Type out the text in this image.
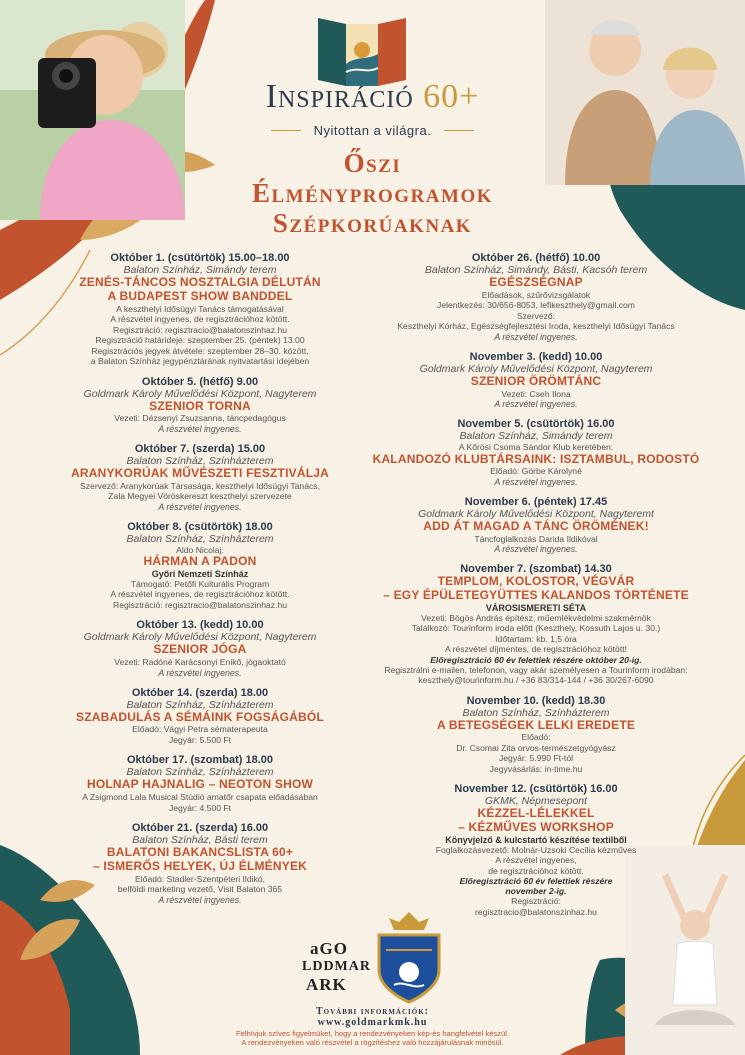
Inspiráció 60+
Nyitottan a világra.
Őszi
Élményprogramok
Szépkorúaknak
Október 1. (csütörtök) 15.00–18.00
Balaton Színház, Simándy terem
ZENÉS-TÁNCOS NOSZTALGIA DÉLUTÁN
A BUDAPEST SHOW BANDDEL
A keszthelyi Idősügyi Tanács támogatásával
A részvétel ingyenes, de regisztrációhoz kötött.
Regisztráció: regisztracio@balatonszinhaz.hu
Regisztráció határideje: szeptember 25. (péntek) 13.00
Regisztrációs jegyek átvétele: szeptember 28–30. között,
a Balaton Színház jegypénztárának nyitvatartási idejében
Október 5. (hétfő) 9.00
Goldmark Károly Művelődési Központ, Nagyterem
SZENIOR TORNA
Vezeti: Dézsenyi Zsuzsanna, táncpedagógus
A részvétel ingyenes.
Október 7. (szerda) 15.00
Balaton Színház, Színházterem
ARANYKORÚAK MŰVÉSZETI FESZTIVÁLJA
Szervező: Aranykorúak Társasága, keszthelyi Idősügyi Tanács,
Zala Megyei Vöröskereszt keszthelyi szervezete
A részvétel ingyenes.
Október 8. (csütörtök) 18.00
Balaton Színház, Színházterem
Aldo Nicolaj:
HÁRMAN A PADON
Győri Nemzeti Színház
Támogató: Petőfi Kulturális Program
A részvétel ingyenes, de regisztrációhoz kötött.
Regisztráció: regisztracio@balatonszinhaz.hu
Október 13. (kedd) 10.00
Goldmark Károly Művelődési Központ, Nagyterem
SZENIOR JÓGA
Vezeti: Radóné Karácsonyi Enikő, jógaoktató
A részvétel ingyenes.
Október 14. (szerda) 18.00
Balaton Színház, Színházterem
SZABADULÁS A SÉMÁINK FOGSÁGÁBÓL
Előadó: Vágyi Petra sématerapeuta
Jegyár: 5.500 Ft
Október 17. (szombat) 18.00
Balaton Színház, Színházterem
HOLNAP HAJNALIG – NEOTON SHOW
A Zsigmond Lala Musical Stúdió amatőr csapata előadásában
Jegyár: 4.500 Ft
Október 21. (szerda) 16.00
Balaton Színház, Básti terem
BALATONI BAKANCSLISTA 60+
– ISMERŐS HELYEK, ÚJ ÉLMÉNYEK
Előadó: Stadler-Szentpéteri Ildikó,
belföldi marketing vezető, Visit Balaton 365
A részvétel ingyenes.
Október 26. (hétfő) 10.00
Balaton Színház, Simándy, Básti, Kacsóh terem
EGÉSZSÉGNAP
Előadások, szűrővizsgálatok
Jelentkezés: 30/656-8053, lefikeszthely@gmail.com
Szervező:
Keszthelyi Kórház, Egészségfejlesztési Iroda, keszthelyi Idősügyi Tanács
A részvétel ingyenes.
November 3. (kedd) 10.00
Goldmark Károly Művelődési Központ, Nagyterem
SZENIOR ÖRÖMTÁNC
Vezeti: Cseh Ilona
A részvétel ingyenes.
November 5. (csütörtök) 16.00
Balaton Színház, Simándy terem
A Kőrösi Csoma Sándor Klub keretében:
KALANDOZÓ KLUBTÁRSAINK: ISZTAMBUL, RODOSTÓ
Előadó: Görbe Károlyné
A részvétel ingyenes.
November 6. (péntek) 17.45
Goldmark Károly Művelődési Központ, Nagyteremt
ADD ÁT MAGAD A TÁNC ÖRÖMÉNEK!
Táncfoglalkozás Darida Ildikóval
A részvétel ingyenes.
November 7. (szombat) 14.30
TEMPLOM, KOLOSTOR, VÉGVÁR
– EGY ÉPÜLETEGYÜTTES KALANDOS TÖRTÉNETE
VÁROSISMERETI SÉTA
Vezeti: Bögös András építész, műemlékvédelmi szakmérnök
Találkozó: Tourinform iroda előtt (Keszthely, Kossuth Lajos u. 30.)
Időtartam: kb. 1,5 óra
A részvétel díjmentes, de regisztrációhoz kötött!
Előregisztráció 60 év felettiek részére október 20-ig.
Regisztrálni e-mailen, telefonon, vagy akár személyesen a Tourinform irodában:
keszthely@tourinform.hu / +36 83/314-144 / +36 30/267-6090
November 10. (kedd) 18.30
Balaton Színház, Színházterem
A BETEGSÉGEK LELKI EREDETE
Előadó:
Dr. Csomai Zita orvos-természetgyógyász
Jegyár: 5.990 Ft-tól
Jegyvásárlás: in-time.hu
November 12. (csütörtök) 16.00
GKMK, Népmesepont
KÉZZEL-LÉLEKKEL
– KÉZMŰVES WORKSHOP
Könyvjelző & kulcstartó készítése textilből
Foglalkozásvezető: Molnár-Uzsoki Cecília kézműves
A részvétel ingyenes,
de regisztrációhoz kötött.
Előregisztráció 60 év felettiek részére
november 2-ig.
Regisztráció:
regisztracio@balatonszinhaz.hu
aGO
LDDMAR
ARK
További információk:
www.goldmarkmk.hu
Felhívjuk szíves figyelmüket, hogy a rendezvényeken kép-és hangfelvétel készül.
A rendezvényeken való részvétel a rögzítéshez való hozzájárulásnak minősül.
